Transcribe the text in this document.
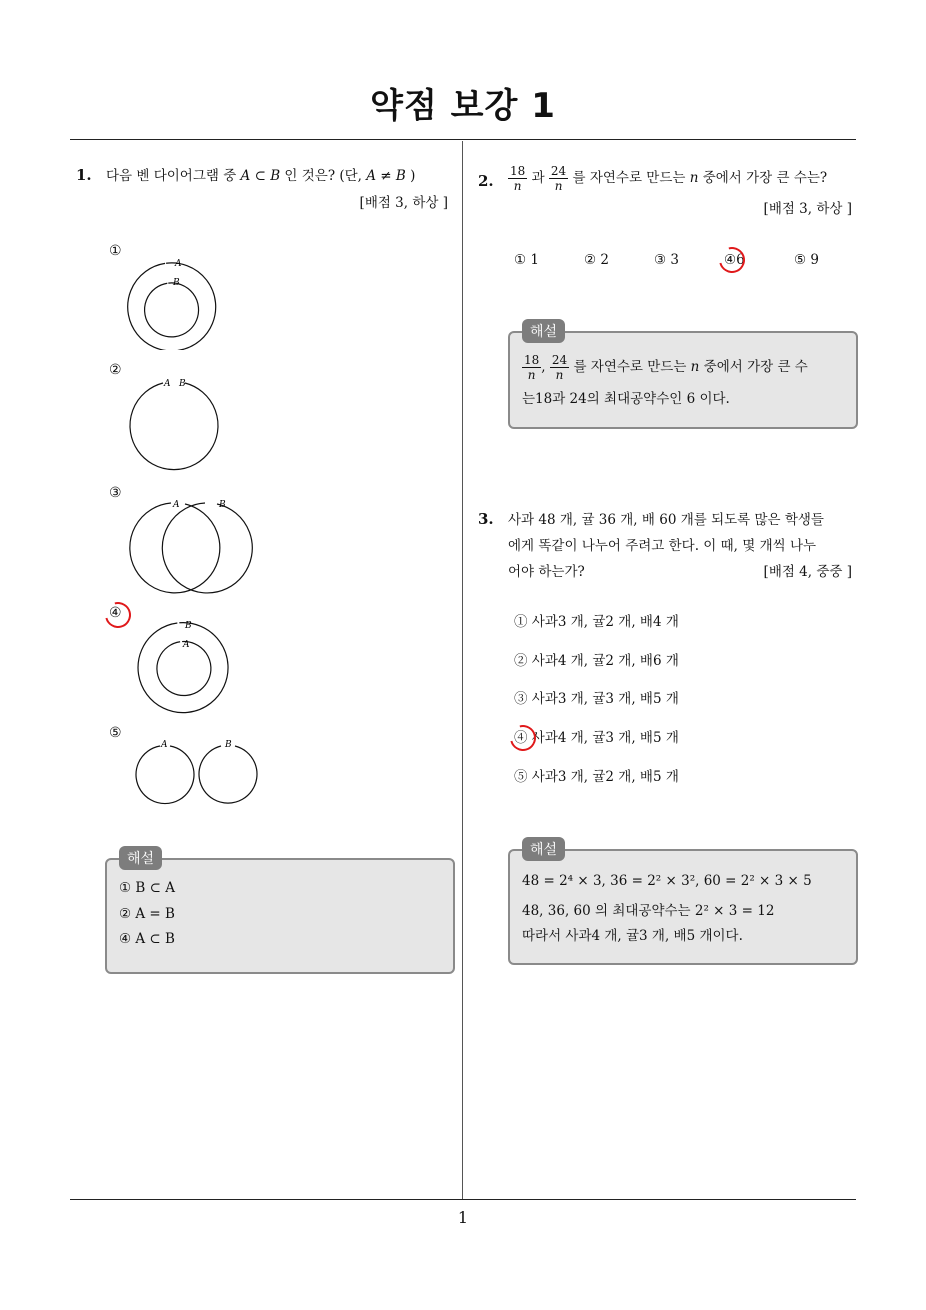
약점 보강 1
1. 다음 벤 다이어그램 중 A ⊂ B 인 것은? (단, A ≠ B )
[배점 3, 하상 ]
①
A
B
②
A B
③
A	B
④
B
A
⑤
A	B
해설
① B ⊂ A
② A = B
④ A ⊂ B
2. $\frac{18}{n}$ 과 $\frac{24}{n}$ 를 자연수로 만드는 n 중에서 가장 큰 수는?
[배점 3, 하상 ]
① 1	② 2	③ 3	④6	⑤ 9
해설
$\frac{18}{n}$ , $\frac{24}{n}$ 를 자연수로 만드는 n 중에서 가장 큰 수
는18과 24의 최대공약수인 6 이다.
3. 사과 48 개, 귤 36 개, 배 60 개를 되도록 많은 학생들
에게 똑같이 나누어 주려고 한다. 이 때, 몇 개씩 나누
어야 하는가?	[배점 4, 중중 ]
① 사과3 개, 귤2 개, 배4 개
② 사과4 개, 귤2 개, 배6 개
③ 사과3 개, 귤3 개, 배5 개
④ 사과4 개, 귤3 개, 배5 개
⑤ 사과3 개, 귤2 개, 배5 개
해설
48 = 2⁴ × 3, 36 = 2² × 3², 60 = 2² × 3 × 5
48, 36, 60 의 최대공약수는 2² × 3 = 12
따라서 사과4 개, 귤3 개, 배5 개이다.
1
